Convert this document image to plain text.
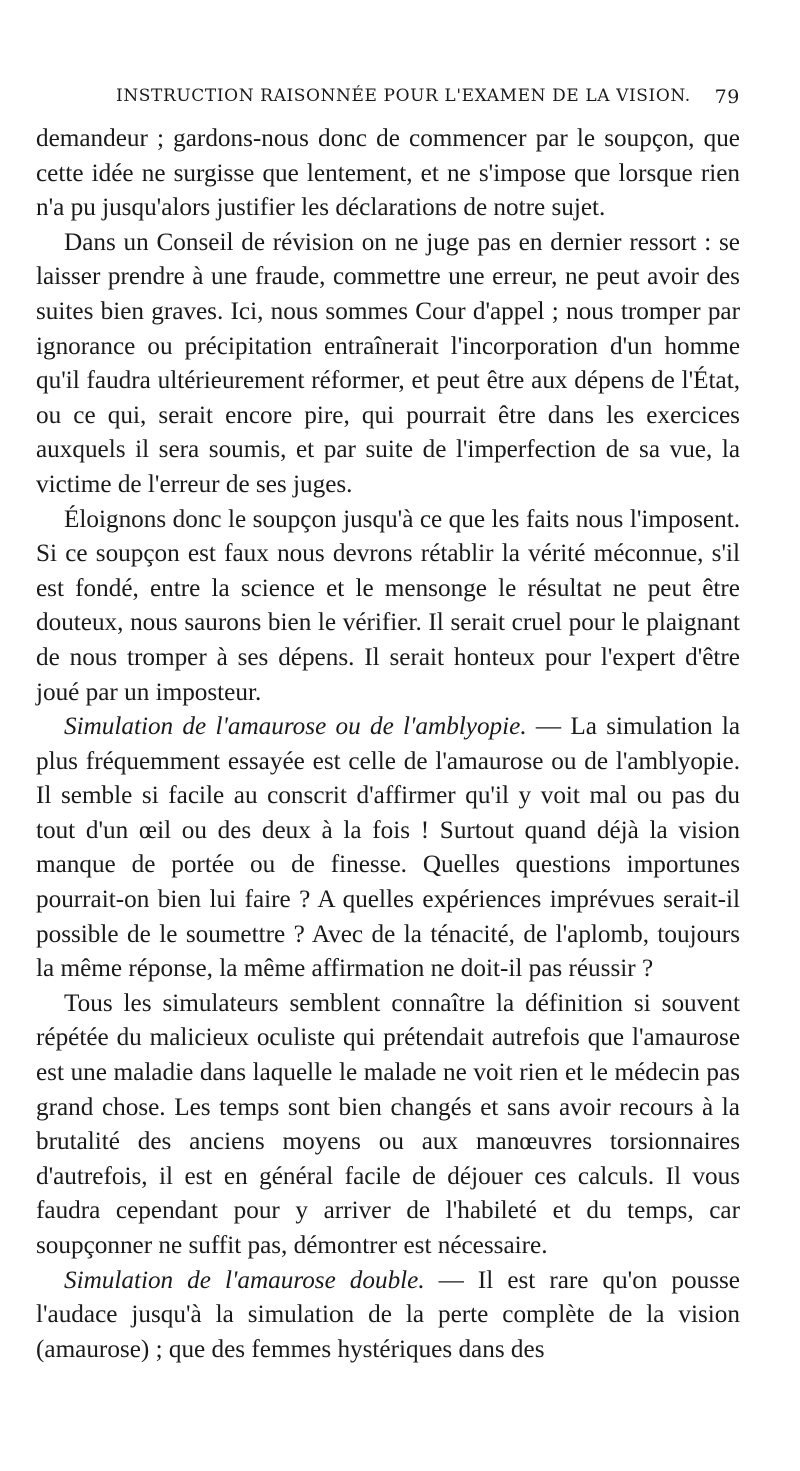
INSTRUCTION RAISONNÉE POUR L'EXAMEN DE LA VISION. 79

demandeur ; gardons-nous donc de commencer par le soupçon, que cette idée ne surgisse que lentement, et ne s'impose que lorsque rien n'a pu jusqu'alors justifier les déclarations de notre sujet.

Dans un Conseil de révision on ne juge pas en dernier ressort : se laisser prendre à une fraude, commettre une erreur, ne peut avoir des suites bien graves. Ici, nous sommes Cour d'appel ; nous tromper par ignorance ou précipitation entraînerait l'incorporation d'un homme qu'il faudra ultérieurement réformer, et peut être aux dépens de l'État, ou ce qui, serait encore pire, qui pourrait être dans les exercices auxquels il sera soumis, et par suite de l'imperfection de sa vue, la victime de l'erreur de ses juges.

Éloignons donc le soupçon jusqu'à ce que les faits nous l'imposent. Si ce soupçon est faux nous devrons rétablir la vérité méconnue, s'il est fondé, entre la science et le mensonge le résultat ne peut être douteux, nous saurons bien le vérifier. Il serait cruel pour le plaignant de nous tromper à ses dépens. Il serait honteux pour l'expert d'être joué par un imposteur.

Simulation de l'amaurose ou de l'amblyopie. — La simulation la plus fréquemment essayée est celle de l'amaurose ou de l'amblyopie. Il semble si facile au conscrit d'affirmer qu'il y voit mal ou pas du tout d'un œil ou des deux à la fois ! Surtout quand déjà la vision manque de portée ou de finesse. Quelles questions importunes pourrait-on bien lui faire ? A quelles expériences imprévues serait-il possible de le soumettre ? Avec de la ténacité, de l'aplomb, toujours la même réponse, la même affirmation ne doit-il pas réussir ?

Tous les simulateurs semblent connaître la définition si souvent répétée du malicieux oculiste qui prétendait autrefois que l'amaurose est une maladie dans laquelle le malade ne voit rien et le médecin pas grand chose. Les temps sont bien changés et sans avoir recours à la brutalité des anciens moyens ou aux manœuvres torsionnaires d'autrefois, il est en général facile de déjouer ces calculs. Il vous faudra cependant pour y arriver de l'habileté et du temps, car soupçonner ne suffit pas, démontrer est nécessaire.

Simulation de l'amaurose double. — Il est rare qu'on pousse l'audace jusqu'à la simulation de la perte complète de la vision (amaurose) ; que des femmes hystériques dans des
